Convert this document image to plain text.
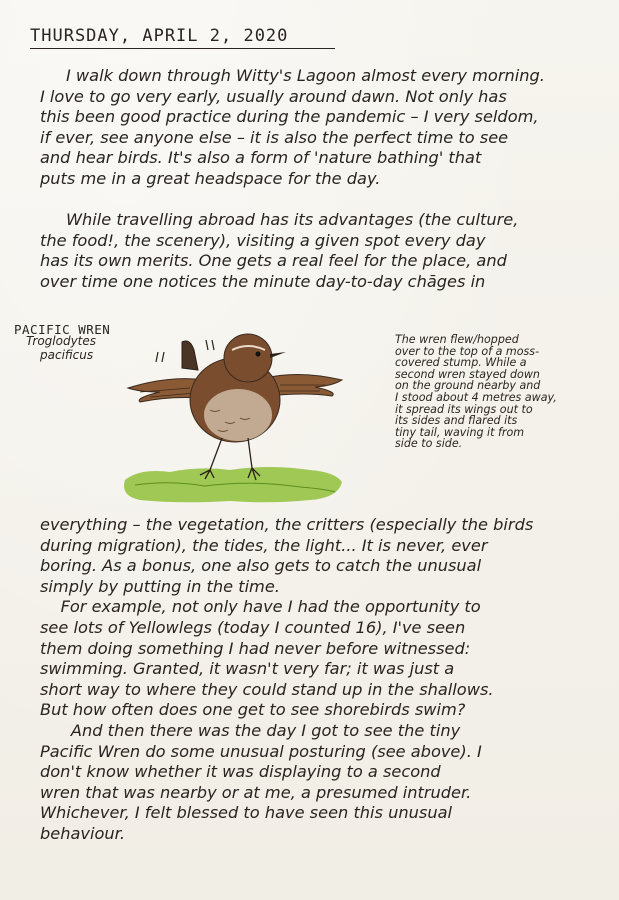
THURSDAY, APRIL 2, 2020
I walk down through Witty's Lagoon almost every morning.
I love to go very early, usually around dawn. Not only has
this been good practice during the pandemic – I very seldom,
if ever, see anyone else – it is also the perfect time to see
and hear birds. It's also a form of 'nature bathing' that
puts me in a great headspace for the day.
While travelling abroad has its advantages (the culture,
the food!, the scenery), visiting a given spot every day
has its own merits. One gets a real feel for the place, and
over time one notices the minute day-to-day chāges in
PACIFIC WREN
Troglodytes
pacificus
The wren flew/hopped
over to the top of a moss-
covered stump. While a
second wren stayed down
on the ground nearby and
I stood about 4 metres away,
it spread its wings out to
its sides and flared its
tiny tail, waving it from
side to side.
everything – the vegetation, the critters (especially the birds
during migration), the tides, the light... It is never, ever
boring. As a bonus, one also gets to catch the unusual
simply by putting in the time.
For example, not only have I had the opportunity to
see lots of Yellowlegs (today I counted 16), I've seen
them doing something I had never before witnessed:
swimming. Granted, it wasn't very far; it was just a
short way to where they could stand up in the shallows.
But how often does one get to see shorebirds swim?
And then there was the day I got to see the tiny
Pacific Wren do some unusual posturing (see above). I
don't know whether it was displaying to a second
wren that was nearby or at me, a presumed intruder.
Whichever, I felt blessed to have seen this unusual
behaviour.
